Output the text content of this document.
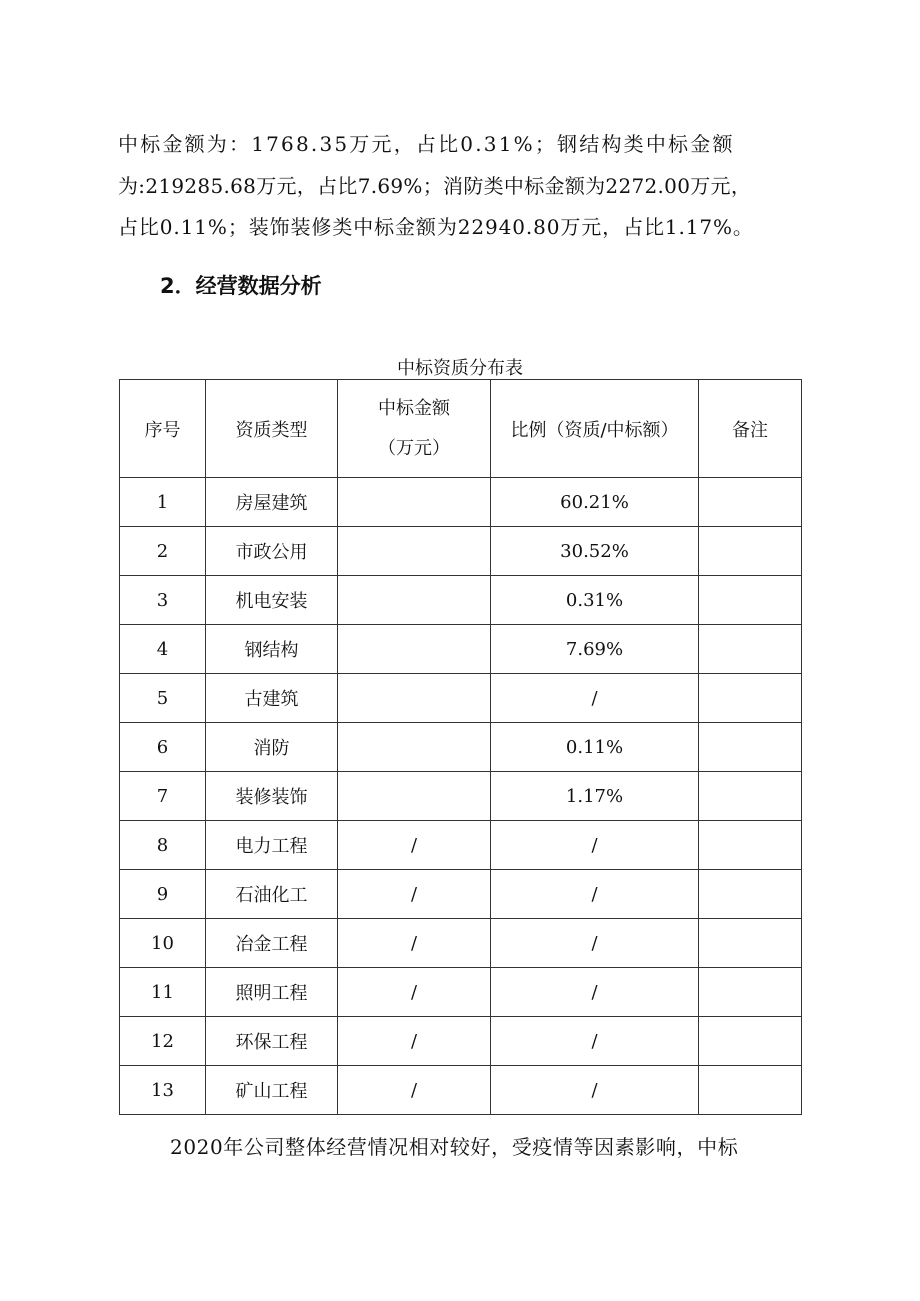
中标金额为：1768.35万元，占比0.31%；钢结构类中标金额
为:219285.68万元，占比7.69%；消防类中标金额为2272.00万元，
占比0.11%；装饰装修类中标金额为22940.80万元，占比1.17%。
2．经营数据分析
中标资质分布表
序号	资质类型	中标金额
（万元）	比例（资质/中标额）	备注
1	房屋建筑		60.21%	
2	市政公用		30.52%	
3	机电安装		0.31%	
4	钢结构		7.69%	
5	古建筑		/	
6	消防		0.11%	
7	装修装饰		1.17%	
8	电力工程	/	/	
9	石油化工	/	/	
10	冶金工程	/	/	
11	照明工程	/	/	
12	环保工程	/	/	
13	矿山工程	/	/	
2020年公司整体经营情况相对较好，受疫情等因素影响，中标
